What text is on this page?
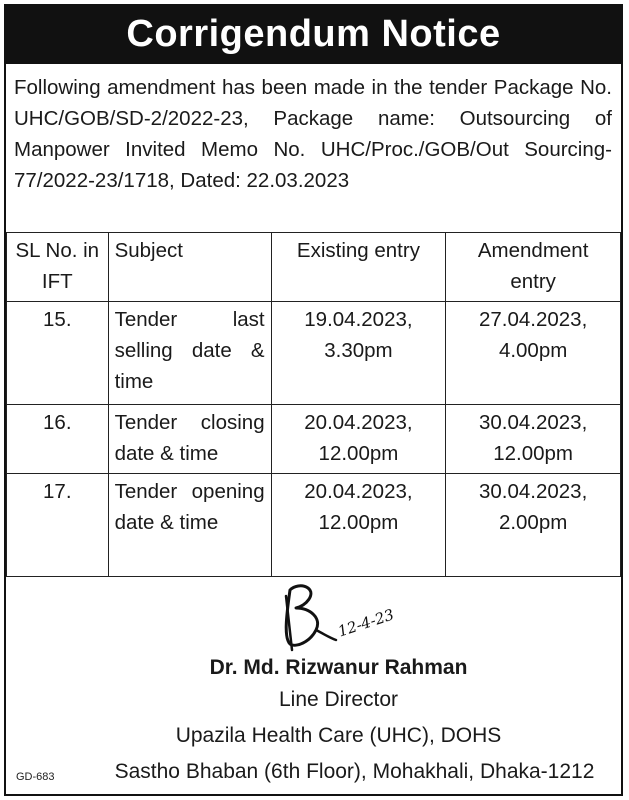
Corrigendum Notice
Following amendment has been made in the tender Package No. UHC/GOB/SD-2/2022-23, Package name: Outsourcing of Manpower Invited Memo No. UHC/Proc./GOB/Out Sourcing-77/2022-23/1718, Dated: 22.03.2023
SL No. in IFT	Subject	Existing entry	Amendment entry
15.	Tender last selling date & time	19.04.2023, 3.30pm	27.04.2023, 4.00pm
16.	Tender closing date & time	20.04.2023, 12.00pm	30.04.2023, 12.00pm
17.	Tender opening date & time	20.04.2023, 12.00pm	30.04.2023, 2.00pm
12-4-23
Dr. Md. Rizwanur Rahman
Line Director
Upazila Health Care (UHC), DOHS
Sastho Bhaban (6th Floor), Mohakhali, Dhaka-1212
GD-683
